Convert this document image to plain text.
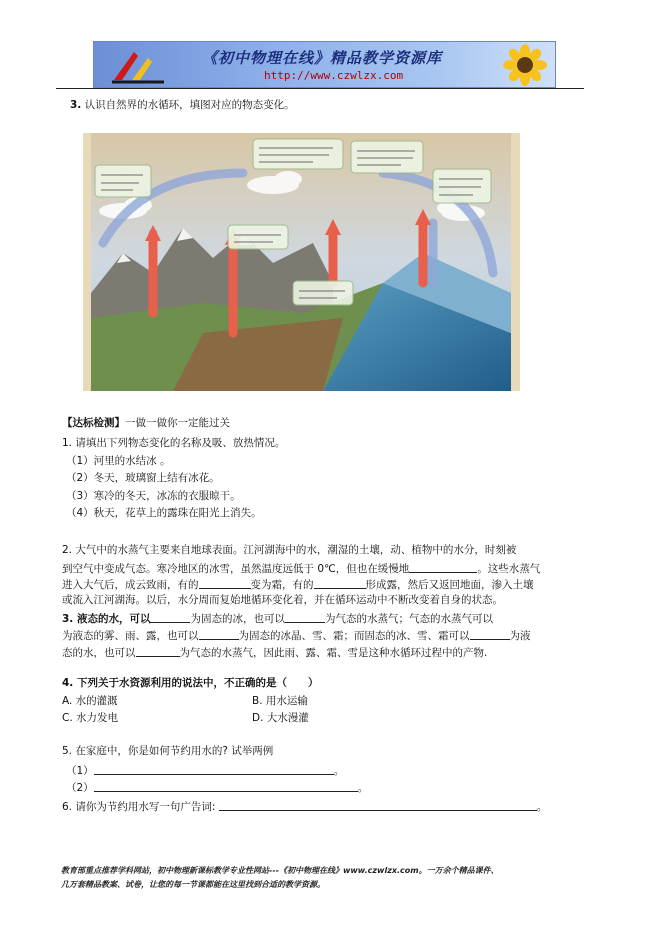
《初中物理在线》精品教学资源库
http://www.czwlzx.com
3. 认识自然界的水循环，填图对应的物态变化。
【达标检测】一做一做你一定能过关
1. 请填出下列物态变化的名称及吸、放热情况。
（1）河里的水结冰 。
（2）冬天，玻璃窗上结有冰花。
（3）寒冷的冬天，冰冻的衣服晾干。
（4）秋天，花草上的露珠在阳光上消失。
2. 大气中的水蒸气主要来自地球表面。江河湖海中的水，潮湿的土壤，动、植物中的水分，时刻被
到空气中变成气态。寒冷地区的冰雪，虽然温度远低于 0℃，但也在缓慢地	。这些水蒸气
进入大气后，成云致雨，有的	变为霜，有的	形成露，然后又返回地面，渗入土壤
或流入江河湖海。以后，水分周而复始地循环变化着，并在循环运动中不断改变着自身的状态。
3. 液态的水，可以	为固态的冰，也可以	为气态的水蒸气；气态的水蒸气可以
为液态的雾、雨、露，也可以	为固态的冰晶、雪、霜；而固态的冰、雪、霜可以	为液
态的水，也可以	为气态的水蒸气，因此雨、露、霜、雪是这种水循环过程中的产物.
4. 下列关于水资源利用的说法中，不正确的是（　　）
A. 水的灌溉	B. 用水运输
C. 水力发电	D. 大水漫灌
5. 在家庭中，你是如何节约用水的? 试举两例
（1）	。
（2）	。
6. 请你为节约用水写一句广告词:	。
教育部重点推荐学科网站，初中物理新课标教学专业性网站---《初中物理在线》www.czwlzx.com。一万余个精品课件、
几万套精品教案、试卷，让您的每一节课都能在这里找到合适的教学资源。
